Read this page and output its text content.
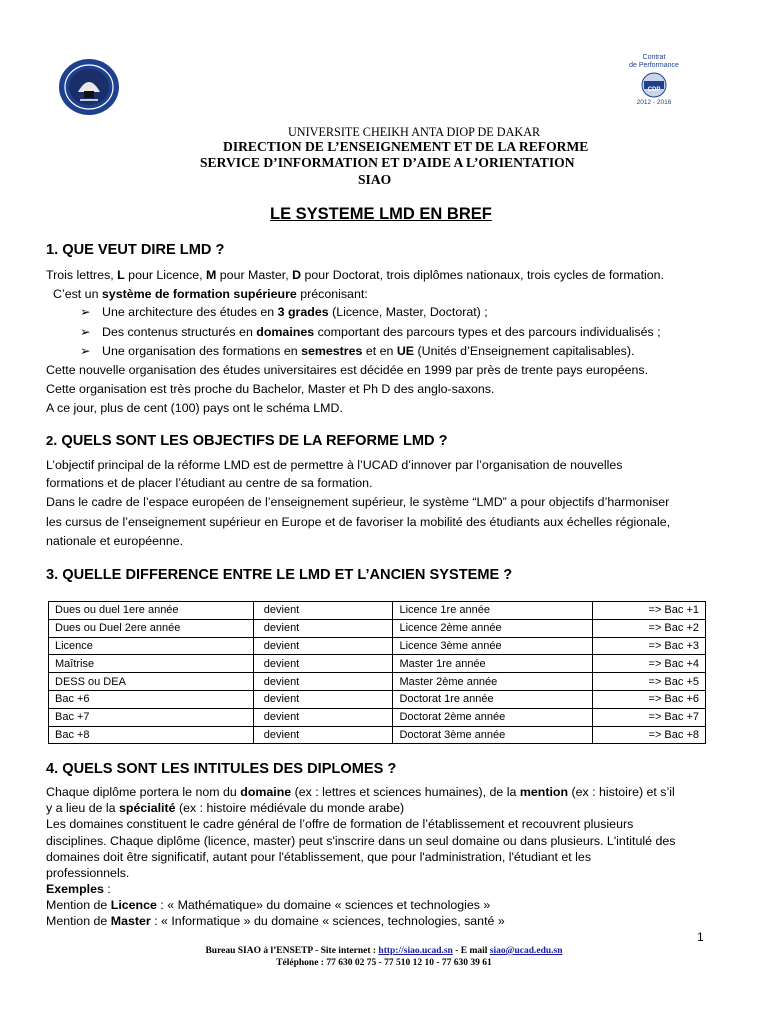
Contrat
de Performance
CDP
2012 - 2016
UNIVERSITE CHEIKH ANTA DIOP DE DAKAR
DIRECTION DE L’ENSEIGNEMENT ET DE LA REFORME
SERVICE D’INFORMATION ET D’AIDE A L’ORIENTATION
SIAO
LE SYSTEME LMD EN BREF
1. QUE VEUT DIRE LMD ?
Trois lettres, L pour Licence, M pour Master, D pour Doctorat, trois diplômes nationaux, trois cycles de formation.
C’est un système de formation supérieure préconisant:
➢ Une architecture des études en 3 grades (Licence, Master, Doctorat) ;
➢ Des contenus structurés en domaines comportant des parcours types et des parcours individualisés ;
➢ Une organisation des formations en semestres et en UE (Unités d’Enseignement capitalisables).
Cette nouvelle organisation des études universitaires est décidée en 1999 par près de trente pays européens.
Cette organisation est très proche du Bachelor, Master et Ph D des anglo-saxons.
A ce jour, plus de cent (100) pays ont le schéma LMD.
2. QUELS SONT LES OBJECTIFS DE LA REFORME LMD ?
L’objectif principal de la réforme LMD est de permettre à l’UCAD d’innover par l’organisation de nouvelles
formations et de placer l’étudiant au centre de sa formation.
Dans le cadre de l’espace européen de l’enseignement supérieur, le système “LMD” a pour objectifs d’harmoniser
les cursus de l’enseignement supérieur en Europe et de favoriser la mobilité des étudiants aux échelles régionale,
nationale et européenne.
3. QUELLE DIFFERENCE ENTRE LE LMD ET L’ANCIEN SYSTEME ?
Dues ou duel 1ere année	devient	Licence 1re année	=> Bac +1
Dues ou Duel 2ere année	devient	Licence 2ème année	=> Bac +2
Licence	devient	Licence 3ème année	=> Bac +3
Maîtrise	devient	Master 1re année	=> Bac +4
DESS ou DEA	devient	Master 2ème année	=> Bac +5
Bac +6	devient	Doctorat 1re année	=> Bac +6
Bac +7	devient	Doctorat 2ème année	=> Bac +7
Bac +8	devient	Doctorat 3ème année	=> Bac +8
4. QUELS SONT LES INTITULES DES DIPLOMES ?
Chaque diplôme portera le nom du domaine (ex : lettres et sciences humaines), de la mention (ex : histoire) et s’il
y a lieu de la spécialité (ex : histoire médiévale du monde arabe)
Les domaines constituent le cadre général de l’offre de formation de l’établissement et recouvrent plusieurs
disciplines. Chaque diplôme (licence, master) peut s'inscrire dans un seul domaine ou dans plusieurs. L'intitulé des
domaines doit être significatif, autant pour l'établissement, que pour l'administration, l'étudiant et les
professionnels.
Exemples :
Mention de Licence : « Mathématique» du domaine « sciences et technologies »
Mention de Master : « Informatique » du domaine « sciences, technologies, santé »
1
Bureau SIAO à l’ENSETP - Site internet : http://siao.ucad.sn - E mail siao@ucad.edu.sn
Téléphone : 77 630 02 75 - 77 510 12 10 - 77 630 39 61
